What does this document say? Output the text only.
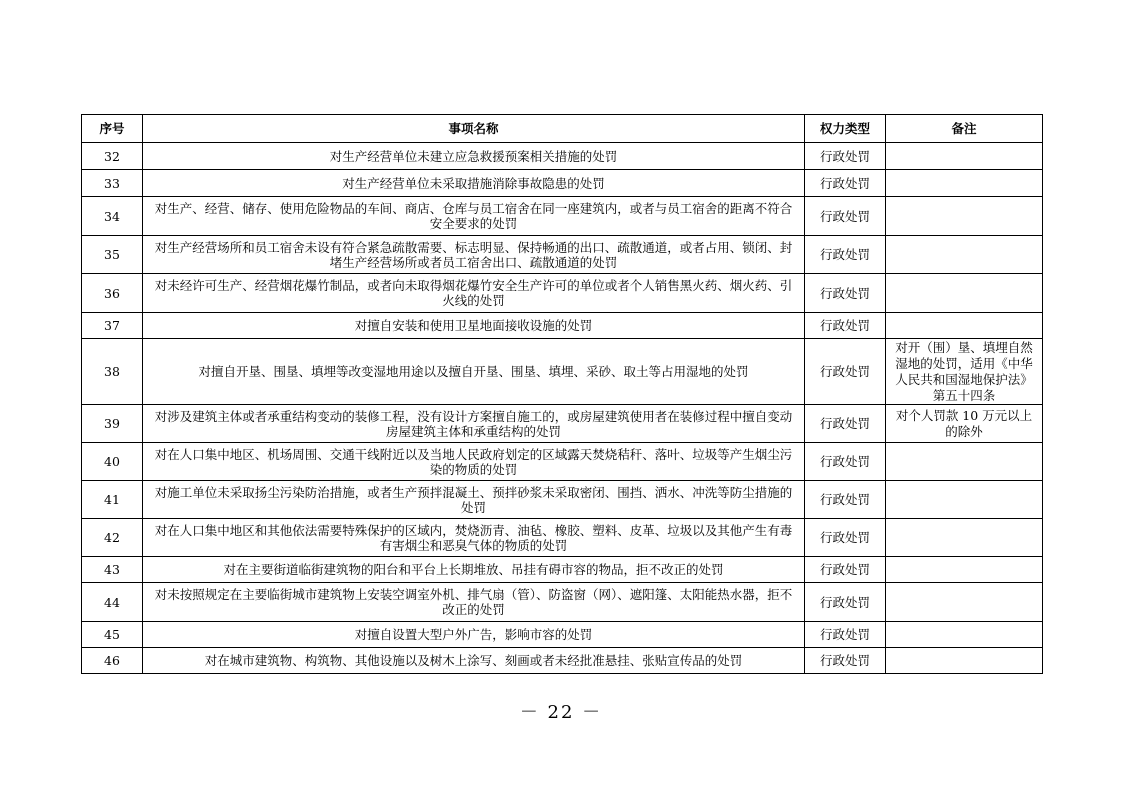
序号	事项名称	权力类型	备注
32	对生产经营单位未建立应急救援预案相关措施的处罚	行政处罚	
33	对生产经营单位未采取措施消除事故隐患的处罚	行政处罚	
34	对生产、经营、储存、使用危险物品的车间、商店、仓库与员工宿舍在同一座建筑内，或者与员工宿舍的距离不符合安全要求的处罚	行政处罚	
35	对生产经营场所和员工宿舍未设有符合紧急疏散需要、标志明显、保持畅通的出口、疏散通道，或者占用、锁闭、封堵生产经营场所或者员工宿舍出口、疏散通道的处罚	行政处罚	
36	对未经许可生产、经营烟花爆竹制品，或者向未取得烟花爆竹安全生产许可的单位或者个人销售黑火药、烟火药、引火线的处罚	行政处罚	
37	对擅自安装和使用卫星地面接收设施的处罚	行政处罚	
38	对擅自开垦、围垦、填埋等改变湿地用途以及擅自开垦、围垦、填埋、采砂、取土等占用湿地的处罚	行政处罚	对开（围）垦、填埋自然湿地的处罚，适用《中华人民共和国湿地保护法》第五十四条
39	对涉及建筑主体或者承重结构变动的装修工程，没有设计方案擅自施工的，或房屋建筑使用者在装修过程中擅自变动房屋建筑主体和承重结构的处罚	行政处罚	对个人罚款 10 万元以上的除外
40	对在人口集中地区、机场周围、交通干线附近以及当地人民政府划定的区域露天焚烧秸秆、落叶、垃圾等产生烟尘污染的物质的处罚	行政处罚	
41	对施工单位未采取扬尘污染防治措施，或者生产预拌混凝土、预拌砂浆未采取密闭、围挡、洒水、冲洗等防尘措施的处罚	行政处罚	
42	对在人口集中地区和其他依法需要特殊保护的区域内，焚烧沥青、油毡、橡胶、塑料、皮革、垃圾以及其他产生有毒有害烟尘和恶臭气体的物质的处罚	行政处罚	
43	对在主要街道临街建筑物的阳台和平台上长期堆放、吊挂有碍市容的物品，拒不改正的处罚	行政处罚	
44	对未按照规定在主要临街城市建筑物上安装空调室外机、排气扇（管）、防盗窗（网）、遮阳篷、太阳能热水器，拒不改正的处罚	行政处罚	
45	对擅自设置大型户外广告，影响市容的处罚	行政处罚	
46	对在城市建筑物、构筑物、其他设施以及树木上涂写、刻画或者未经批准悬挂、张贴宣传品的处罚	行政处罚	
－ 22 －
